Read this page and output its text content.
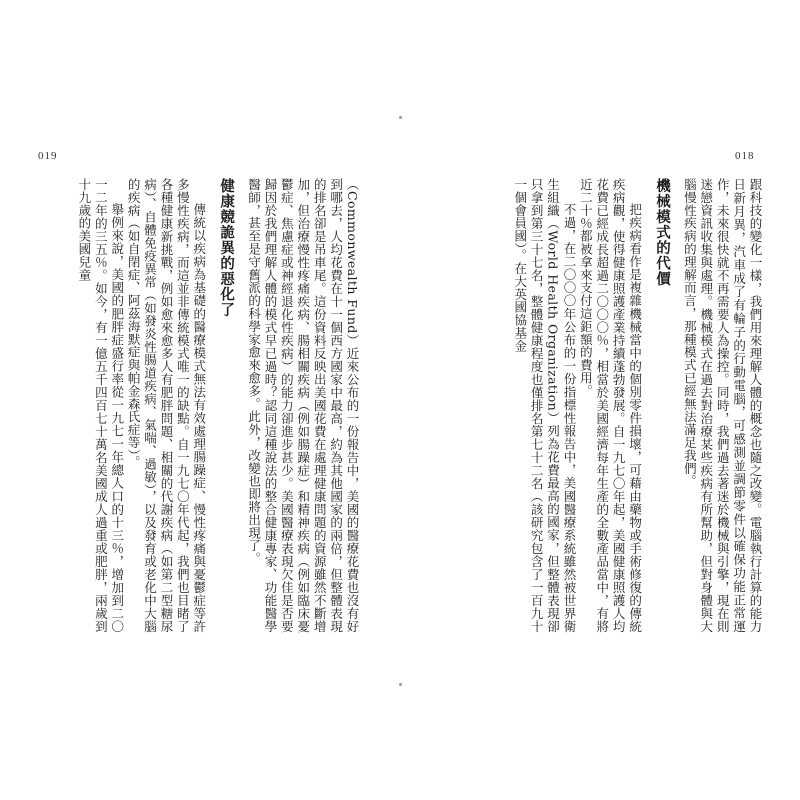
019	018

跟科技的變化一樣，我們用來理解人體的概念也隨之改變。電腦執行計算的能力日新月異，汽車成了有輪子的行動電腦，可感測並調節零件以確保功能正常運作，未來很快就不再需要人為操控。同時，我們過去著迷於機械與引擎，現在則迷戀資訊收集與處理。機械模式在過去對治療某些疾病有所幫助，但對身體與大腦慢性疾病的理解而言，那種模式已經無法滿足我們。

機械模式的代價

把疾病看作是複雜機械當中的個別零件損壞，可藉由藥物或手術修復的傳統疾病觀，使得健康照護產業持續蓬勃發展。自一九七〇年起，美國健康照護人均花費已經成長超過二〇〇〇％，相當於美國經濟每年生產的全數產品當中，有將近二十％都被拿來支付這鉅額的費用。

不過，在二〇〇〇年公布的一份指標性報告中，美國醫療系統雖然被世界衛生組織（World Health Organization）列為花費最高的國家，但整體表現卻只拿到第三十七名，整體健康程度也僅排名第七十二名（該研究包含了一百九十一個會員國）。在大英國協基金

（Commonwealth Fund）近來公布的一份報告中，美國的醫療花費也沒有好到哪去，人均花費在十一個西方國家中最高，約為其他國家的兩倍，但整體表現的排名卻是吊車尾。這份資料反映出美國花費在處理健康問題的資源雖然不斷增加，但治療慢性疼痛疾病、腸相關疾病（例如腸躁症）和精神疾病（例如臨床憂鬱症、焦慮症或神經退化性疾病）的能力卻進步甚少。美國醫療表現欠佳是否要歸因於我們理解人體的模式早已過時？認同這種說法的整合健康專家、功能醫學醫師，甚至是守舊派的科學家愈來愈多。此外，改變也即將出現了。

健康競詭異的惡化了

傳統以疾病為基礎的醫療模式無法有效處理腸躁症、慢性疼痛與憂鬱症等許多慢性疾病，而這並非傳統模式唯一的缺點。自一九七〇年代起，我們也目睹了各種健康新挑戰，例如愈來愈多人有肥胖問題、相關的代謝疾病（如第二型糖尿病）、自體免疫異常（如發炎性腸道疾病、氣喘、過敏），以及發育或老化中大腦的疾病（如自閉症、阿茲海默症與帕金森氏症等）。

舉例來說，美國的肥胖症盛行率從一九七一年總人口的十三％，增加到二〇一二年的三五％。如今，有一億五千四百七十萬名美國成人過重或肥胖，兩歲到十九歲的美國兒童
